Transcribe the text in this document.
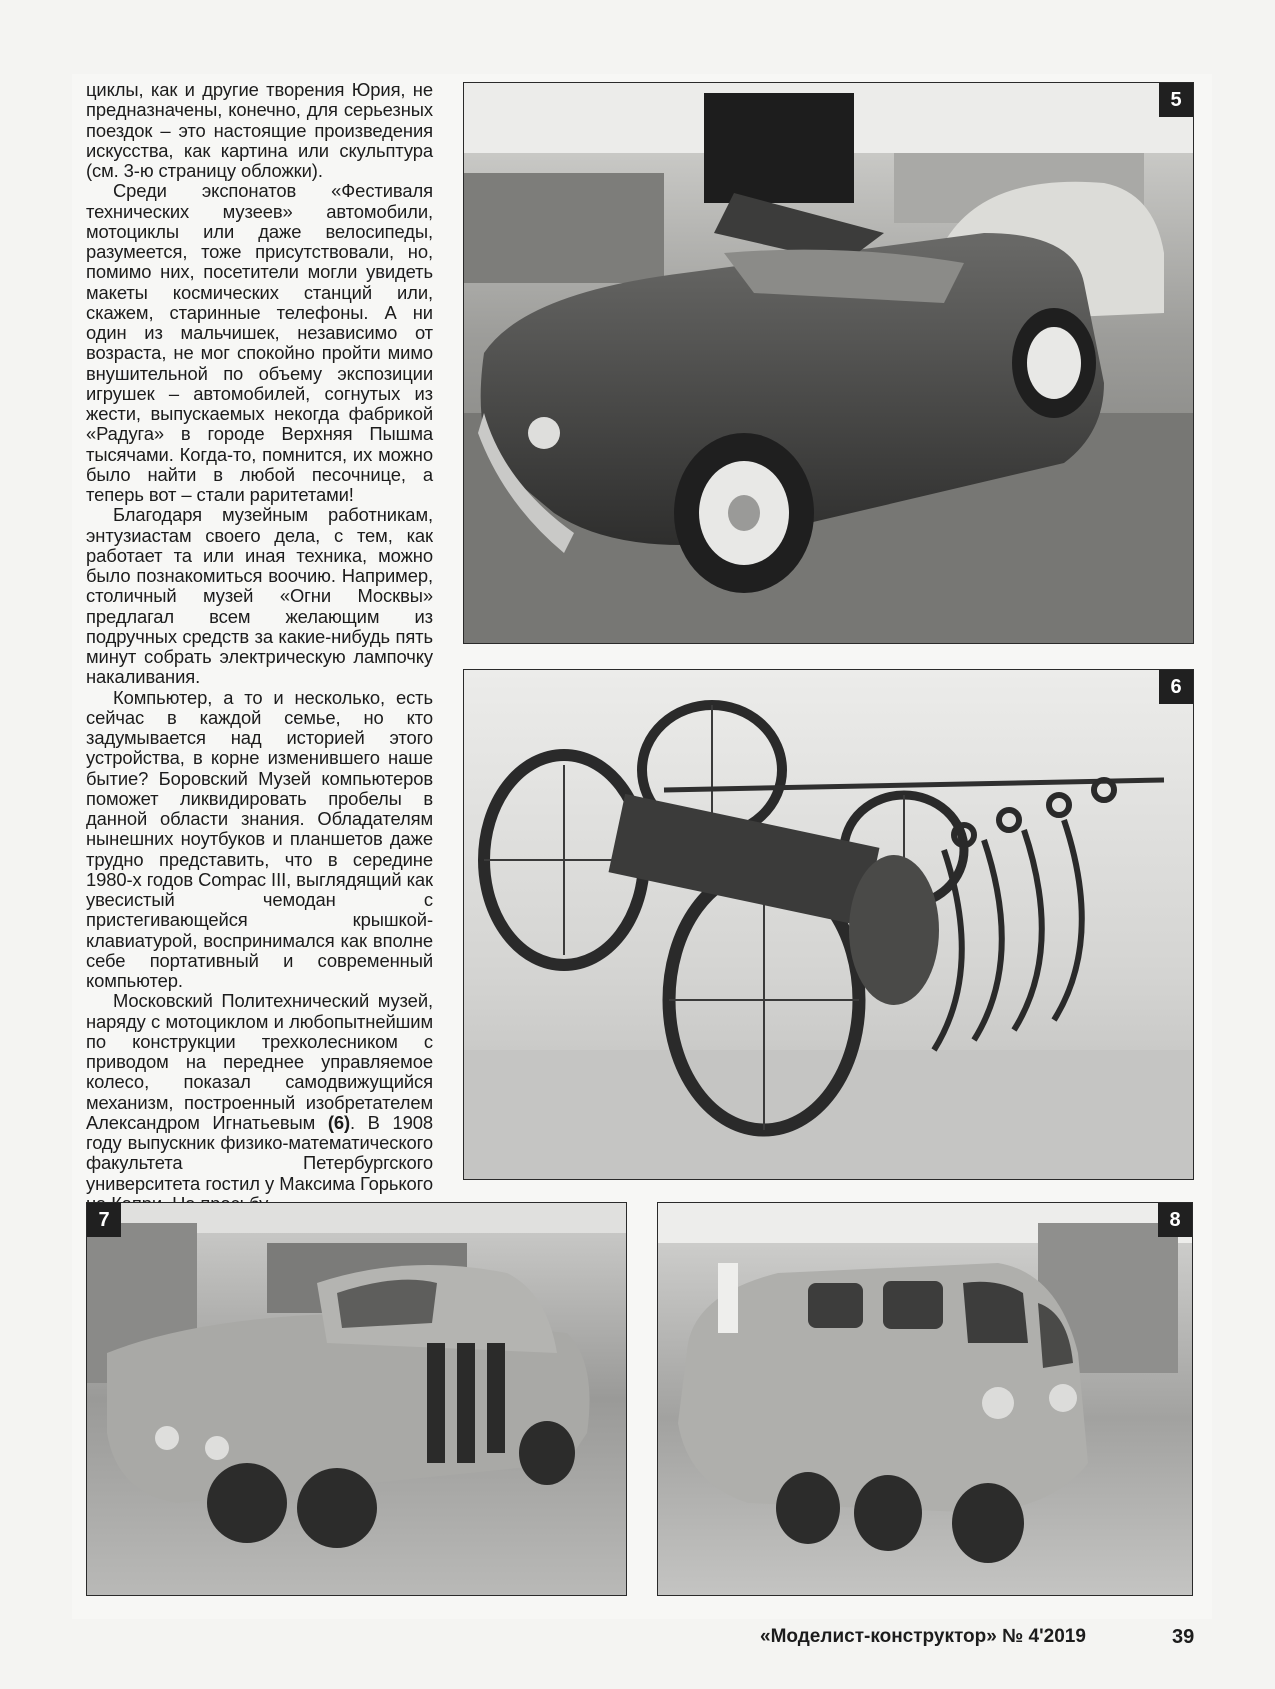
циклы, как и другие творения Юрия, не предназначены, конечно, для серьезных поездок – это настоящие произведения искусства, как картина или скульптура (см. 3-ю страницу обложки).

Среди экспонатов «Фестиваля технических музеев» автомобили, мотоциклы или даже велосипеды, разумеется, тоже присутствовали, но, помимо них, посетители могли увидеть макеты космических станций или, скажем, старинные телефоны. А ни один из мальчишек, независимо от возраста, не мог спокойно пройти мимо внушительной по объему экспозиции игрушек – автомобилей, согнутых из жести, выпускаемых некогда фабрикой «Радуга» в городе Верхняя Пышма тысячами. Когда-то, помнится, их можно было найти в любой песочнице, а теперь вот – стали раритетами!

Благодаря музейным работникам, энтузиастам своего дела, с тем, как работает та или иная техника, можно было познакомиться воочию. Например, столичный музей «Огни Москвы» предлагал всем желающим из подручных средств за какие-нибудь пять минут собрать электрическую лампочку накаливания.

Компьютер, а то и несколько, есть сейчас в каждой семье, но кто задумывается над историей этого устройства, в корне изменившего наше бытие? Боровский Музей компьютеров поможет ликвидировать пробелы в данной области знания. Обладателям нынешних ноутбуков и планшетов даже трудно представить, что в середине 1980-х годов Compac III, выглядящий как увесистый чемодан с пристегивающейся крышкой-клавиатурой, воспринимался как вполне себе портативный и современный компьютер.

Московский Политехнический музей, наряду с мотоциклом и любопытнейшим по конструкции трехколесником с приводом на переднее управляемое колесо, показал самодвижущийся механизм, построенный изобретателем Александром Игнатьевым (6). В 1908 году выпускник физико-математического факультета Петербургского университета гостил у Максима Горького

5
6
7	8
«Моделист-конструктор» № 4'2019	39
